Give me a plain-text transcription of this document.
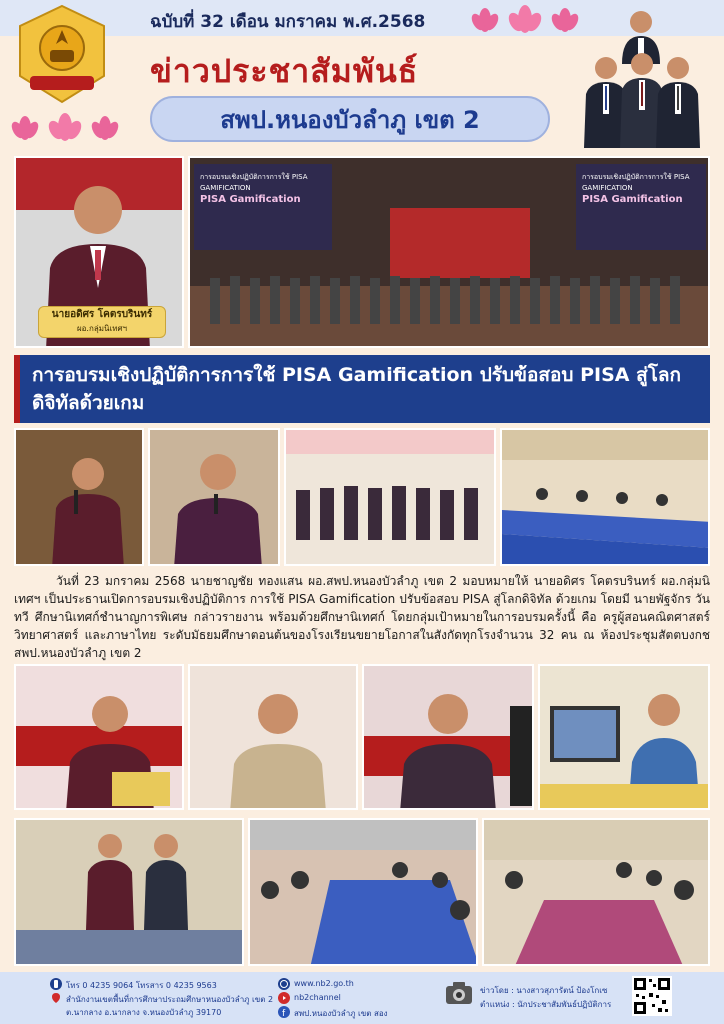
ฉบับที่ 32 เดือน มกราคม พ.ศ.2568
ข่าวประชาสัมพันธ์
สพป.หนองบัวลำภู เขต 2
นายอดิศร โคตรบรินทร์
ผอ.กลุ่มนิเทศฯ
การอบรมเชิงปฏิบัติการการใช้ PISA GAMIFICATION
PISA Gamification
การอบรมเชิงปฏิบัติการการใช้ PISA GAMIFICATION
PISA Gamification
การอบรมเชิงปฏิบัติการการใช้ PISA Gamification ปรับข้อสอบ PISA สู่โลกดิจิทัลด้วยเกม
วันที่ 23 มกราคม 2568 นายชาญชัย ทองแสน ผอ.สพป.หนองบัวลำภู เขต 2 มอบหมายให้ นายอดิศร โคตรบรินทร์ ผอ.กลุ่มนิเทศฯ เป็นประธานเปิดการอบรมเชิงปฏิบัติการ การใช้ PISA Gamification ปรับข้อสอบ PISA สู่โลกดิจิทัล ด้วยเกม โดยมี นายพัฐจักร วันทวี ศึกษานิเทศก์ชำนาญการพิเศษ กล่าวรายงาน พร้อมด้วยศึกษานิเทศก์ โดยกลุ่มเป้าหมายในการอบรมครั้งนี้ คือ ครูผู้สอนคณิตศาสตร์ วิทยาศาสตร์ และภาษาไทย ระดับมัธยมศึกษาตอนต้นของโรงเรียนขยายโอกาสในสังกัดทุกโรงจำนวน 32 คน ณ ห้องประชุมสัตตบงกช สพป.หนองบัวลำภู เขต 2
โทร 0 4235 9064 โทรสาร 0 4235 9563
สำนักงานเขตพื้นที่การศึกษาประถมศึกษาหนองบัวลำภู เขต 2
ต.นากลาง อ.นากลาง จ.หนองบัวลำภู 39170
www.nb2.go.th
nb2channel
f สพป.หนองบัวลำภู เขต สอง
ข่าวโดย : นางสาวสุภารัตน์ ป้องโกเซ
ตำแหน่ง : นักประชาสัมพันธ์ปฏิบัติการ
